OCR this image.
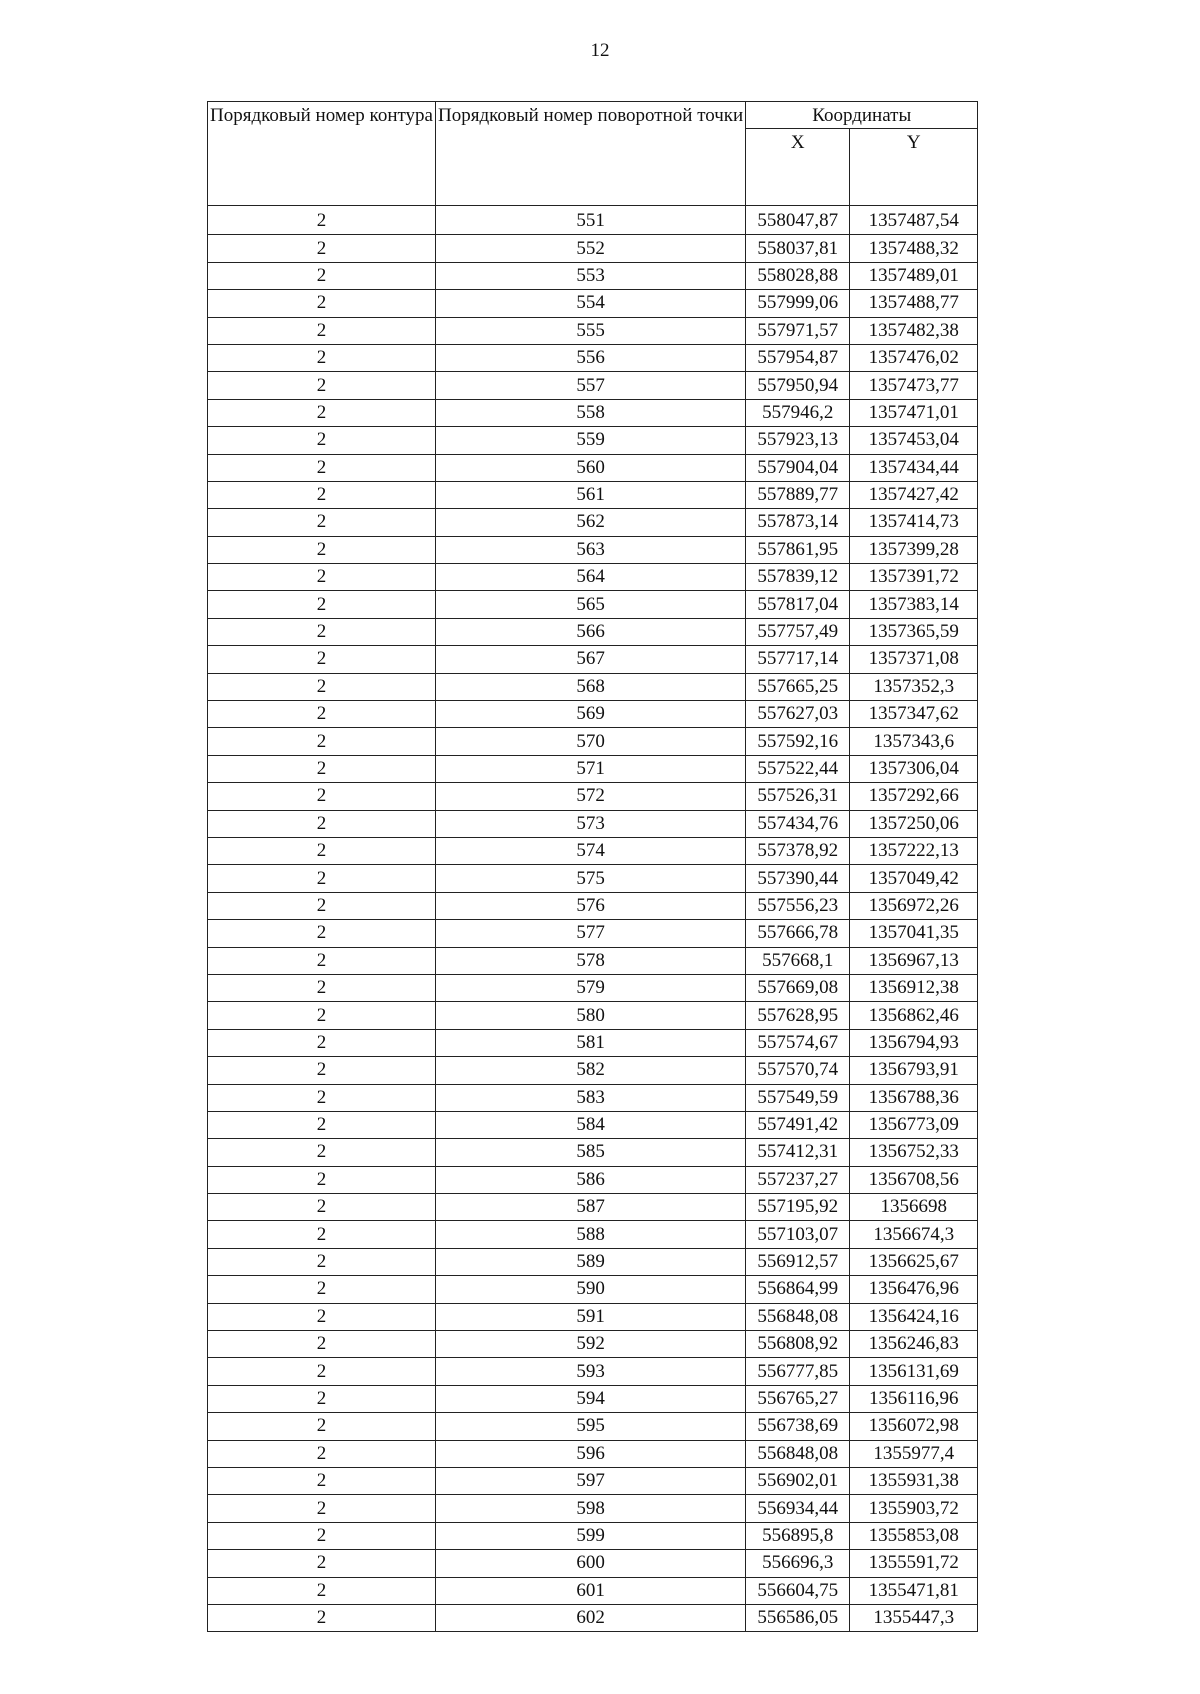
12
Порядковый номер контура	Порядковый номер поворотной точки	Координаты	
		X	Y
2	551	558047,87	1357487,54
2	552	558037,81	1357488,32
2	553	558028,88	1357489,01
2	554	557999,06	1357488,77
2	555	557971,57	1357482,38
2	556	557954,87	1357476,02
2	557	557950,94	1357473,77
2	558	557946,2	1357471,01
2	559	557923,13	1357453,04
2	560	557904,04	1357434,44
2	561	557889,77	1357427,42
2	562	557873,14	1357414,73
2	563	557861,95	1357399,28
2	564	557839,12	1357391,72
2	565	557817,04	1357383,14
2	566	557757,49	1357365,59
2	567	557717,14	1357371,08
2	568	557665,25	1357352,3
2	569	557627,03	1357347,62
2	570	557592,16	1357343,6
2	571	557522,44	1357306,04
2	572	557526,31	1357292,66
2	573	557434,76	1357250,06
2	574	557378,92	1357222,13
2	575	557390,44	1357049,42
2	576	557556,23	1356972,26
2	577	557666,78	1357041,35
2	578	557668,1	1356967,13
2	579	557669,08	1356912,38
2	580	557628,95	1356862,46
2	581	557574,67	1356794,93
2	582	557570,74	1356793,91
2	583	557549,59	1356788,36
2	584	557491,42	1356773,09
2	585	557412,31	1356752,33
2	586	557237,27	1356708,56
2	587	557195,92	1356698
2	588	557103,07	1356674,3
2	589	556912,57	1356625,67
2	590	556864,99	1356476,96
2	591	556848,08	1356424,16
2	592	556808,92	1356246,83
2	593	556777,85	1356131,69
2	594	556765,27	1356116,96
2	595	556738,69	1356072,98
2	596	556848,08	1355977,4
2	597	556902,01	1355931,38
2	598	556934,44	1355903,72
2	599	556895,8	1355853,08
2	600	556696,3	1355591,72
2	601	556604,75	1355471,81
2	602	556586,05	1355447,3
